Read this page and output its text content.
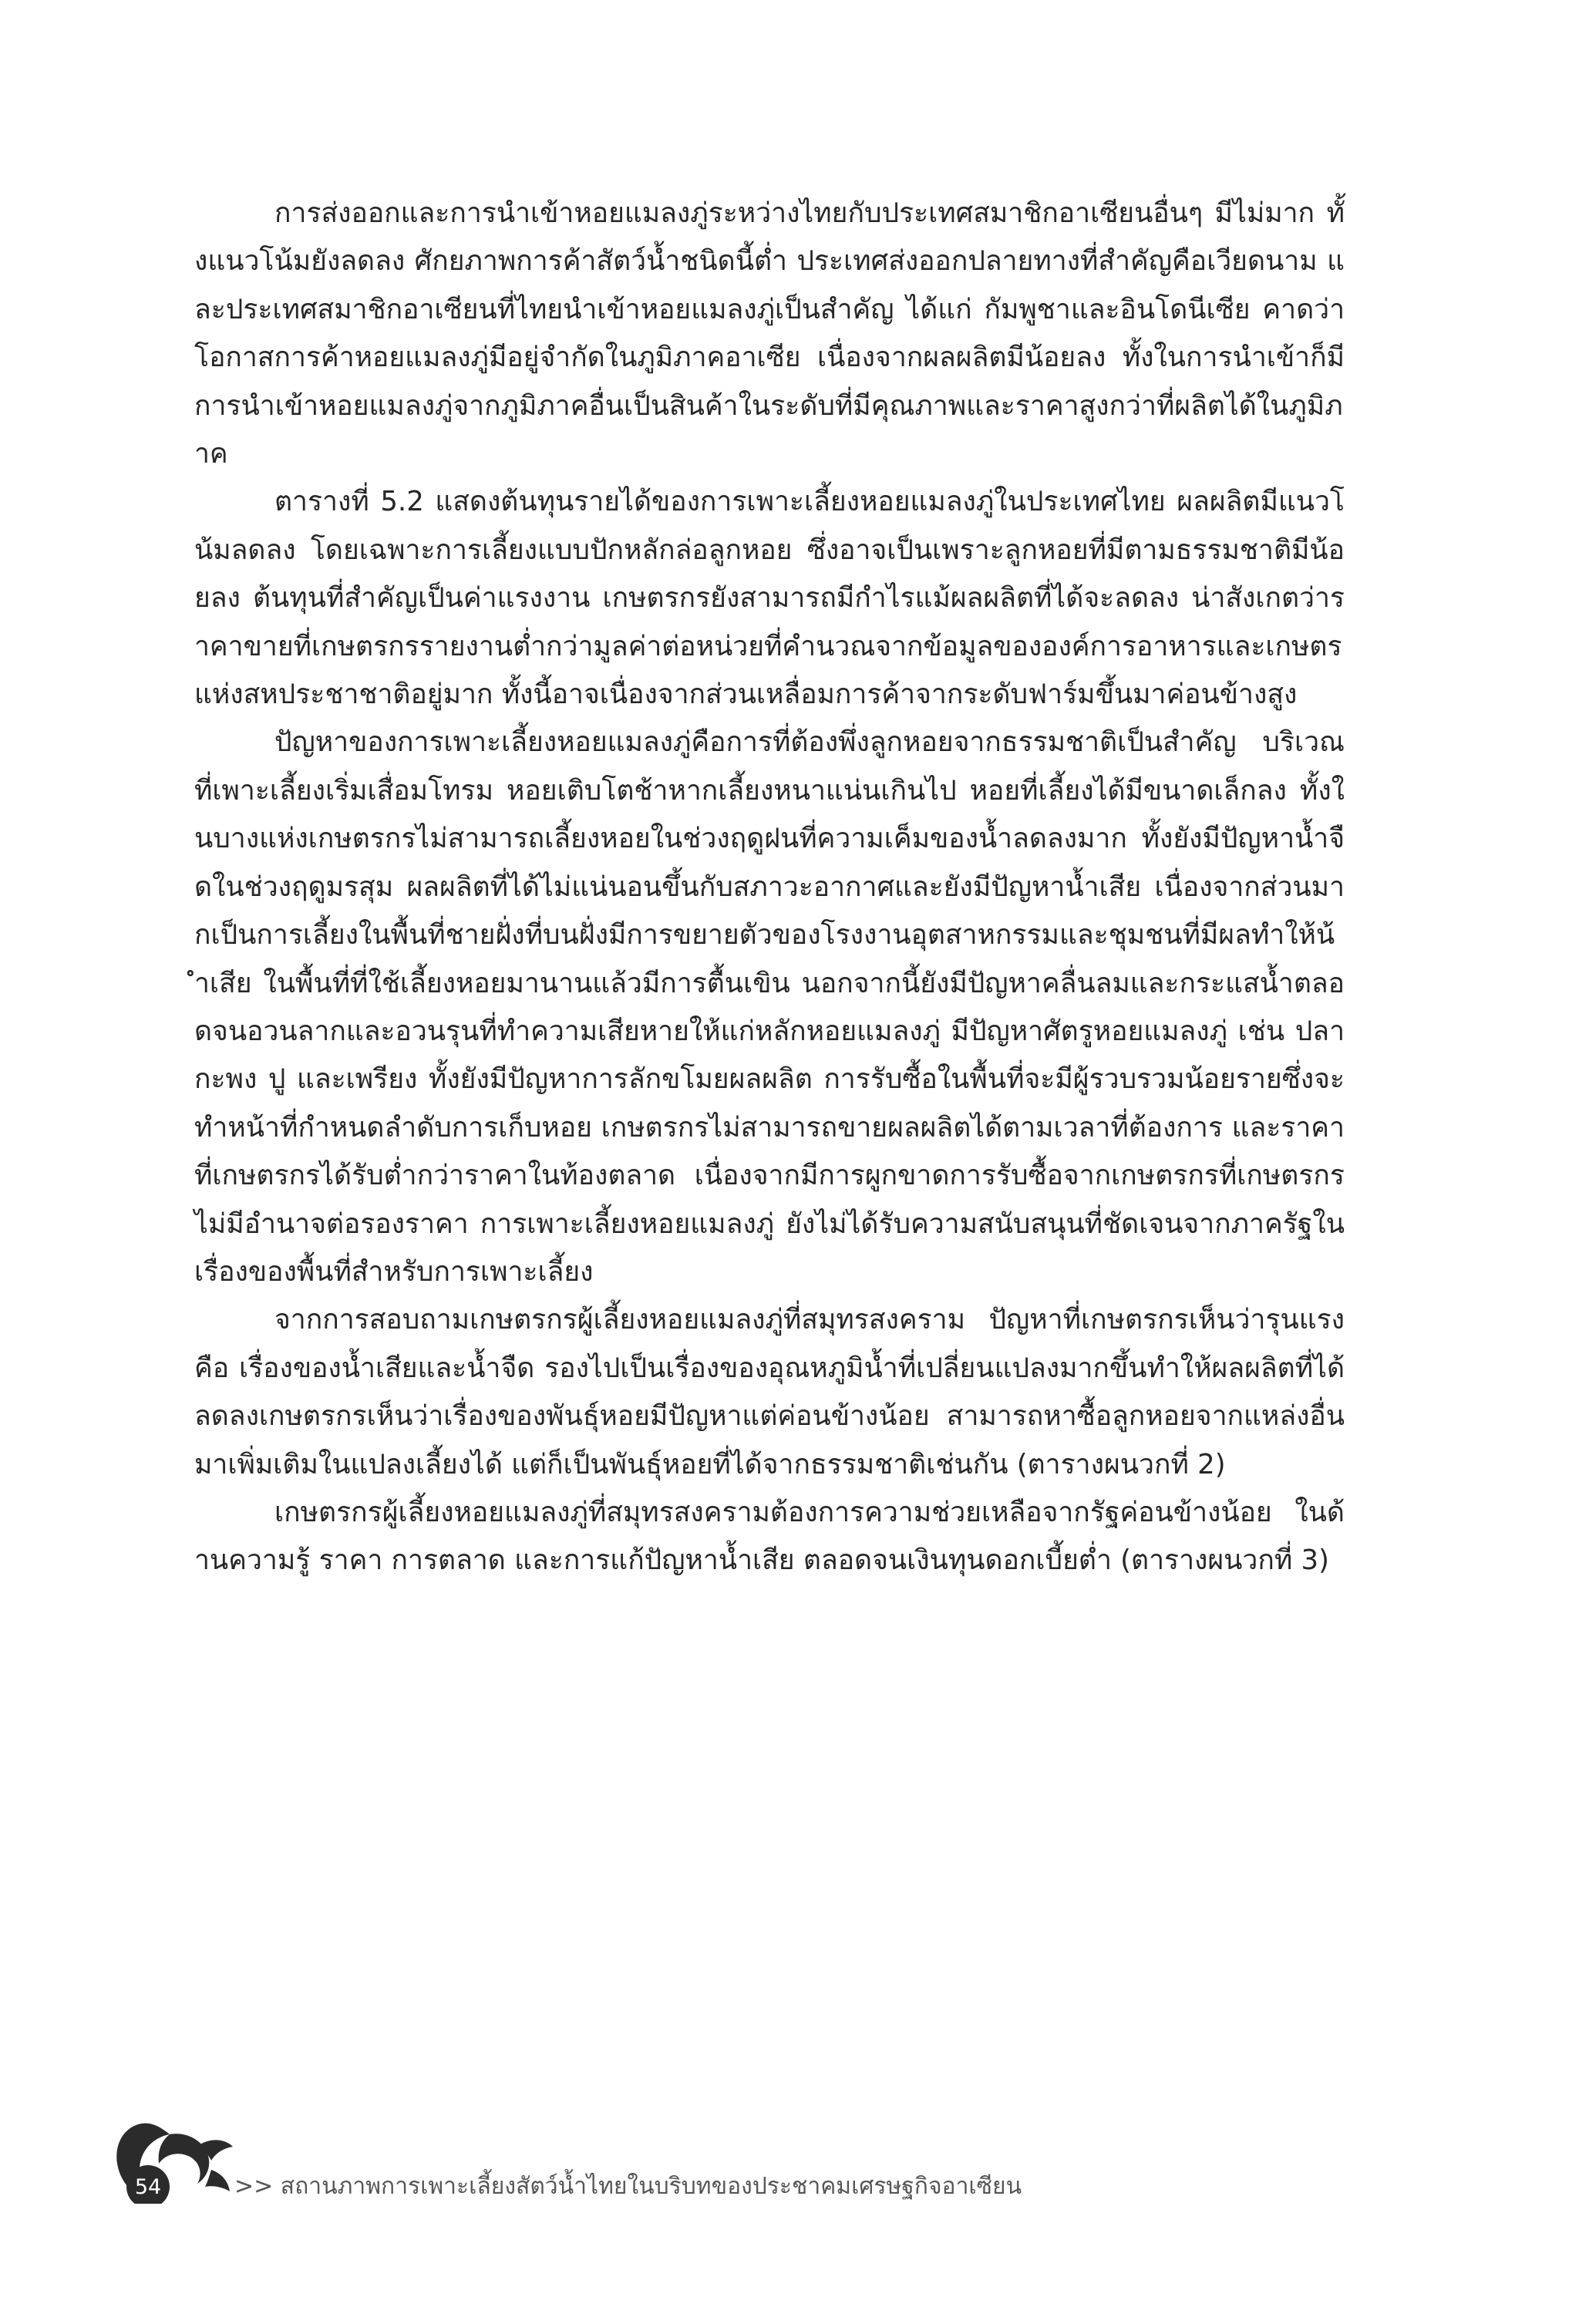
การส่งออกและการนำเข้าหอยแมลงภู่ระหว่างไทยกับประเทศสมาชิกอาเซียนอื่นๆ มีไม่มาก ทั้งแนวโน้มยังลดลง ศักยภาพการค้าสัตว์น้ำชนิดนี้ต่ำ ประเทศส่งออกปลายทางที่สำคัญคือเวียดนาม และประเทศสมาชิกอาเซียนที่ไทยนำเข้าหอยแมลงภู่เป็นสำคัญ ได้แก่ กัมพูชาและอินโดนีเซีย คาดว่าโอกาสการค้าหอยแมลงภู่มีอยู่จำกัดในภูมิภาคอาเซีย เนื่องจากผลผลิตมีน้อยลง ทั้งในการนำเข้าก็มีการนำเข้าหอยแมลงภู่จากภูมิภาคอื่นเป็นสินค้าในระดับที่มีคุณภาพและราคาสูงกว่าที่ผลิตได้ในภูมิภาค

ตารางที่ 5.2 แสดงต้นทุนรายได้ของการเพาะเลี้ยงหอยแมลงภู่ในประเทศไทย ผลผลิตมีแนวโน้มลดลง โดยเฉพาะการเลี้ยงแบบปักหลักล่อลูกหอย ซึ่งอาจเป็นเพราะลูกหอยที่มีตามธรรมชาติมีน้อยลง ต้นทุนที่สำคัญเป็นค่าแรงงาน เกษตรกรยังสามารถมีกำไรแม้ผลผลิตที่ได้จะลดลง น่าสังเกตว่าราคาขายที่เกษตรกรรายงานต่ำกว่ามูลค่าต่อหน่วยที่คำนวณจากข้อมูลขององค์การอาหารและเกษตรแห่งสหประชาชาติอยู่มาก ทั้งนี้อาจเนื่องจากส่วนเหลื่อมการค้าจากระดับฟาร์มขึ้นมาค่อนข้างสูง

ปัญหาของการเพาะเลี้ยงหอยแมลงภู่คือการที่ต้องพึ่งลูกหอยจากธรรมชาติเป็นสำคัญ บริเวณที่เพาะเลี้ยงเริ่มเสื่อมโทรม หอยเติบโตช้าหากเลี้ยงหนาแน่นเกินไป หอยที่เลี้ยงได้มีขนาดเล็กลง ทั้งในบางแห่งเกษตรกรไม่สามารถเลี้ยงหอยในช่วงฤดูฝนที่ความเค็มของน้ำลดลงมาก ทั้งยังมีปัญหาน้ำจืดในช่วงฤดูมรสุม ผลผลิตที่ได้ไม่แน่นอนขึ้นกับสภาวะอากาศและยังมีปัญหาน้ำเสีย เนื่องจากส่วนมากเป็นการเลี้ยงในพื้นที่ชายฝั่งที่บนฝั่งมีการขยายตัวของโรงงานอุตสาหกรรมและชุมชนที่มีผลทำให้น้ำเสีย ในพื้นที่ที่ใช้เลี้ยงหอยมานานแล้วมีการตื้นเขิน นอกจากนี้ยังมีปัญหาคลื่นลมและกระแสน้ำตลอดจนอวนลากและอวนรุนที่ทำความเสียหายให้แก่หลักหอยแมลงภู่ มีปัญหาศัตรูหอยแมลงภู่ เช่น ปลากะพง ปู และเพรียง ทั้งยังมีปัญหาการลักขโมยผลผลิต การรับซื้อในพื้นที่จะมีผู้รวบรวมน้อยรายซึ่งจะทำหน้าที่กำหนดลำดับการเก็บหอย เกษตรกรไม่สามารถขายผลผลิตได้ตามเวลาที่ต้องการ และราคาที่เกษตรกรได้รับต่ำกว่าราคาในท้องตลาด เนื่องจากมีการผูกขาดการรับซื้อจากเกษตรกรที่เกษตรกรไม่มีอำนาจต่อรองราคา การเพาะเลี้ยงหอยแมลงภู่ ยังไม่ได้รับความสนับสนุนที่ชัดเจนจากภาครัฐในเรื่องของพื้นที่สำหรับการเพาะเลี้ยง

จากการสอบถามเกษตรกรผู้เลี้ยงหอยแมลงภู่ที่สมุทรสงคราม ปัญหาที่เกษตรกรเห็นว่ารุนแรงคือ เรื่องของน้ำเสียและน้ำจืด รองไปเป็นเรื่องของอุณหภูมิน้ำที่เปลี่ยนแปลงมากขึ้นทำให้ผลผลิตที่ได้ลดลงเกษตรกรเห็นว่าเรื่องของพันธุ์หอยมีปัญหาแต่ค่อนข้างน้อย สามารถหาซื้อลูกหอยจากแหล่งอื่นมาเพิ่มเติมในแปลงเลี้ยงได้ แต่ก็เป็นพันธุ์หอยที่ได้จากธรรมชาติเช่นกัน (ตารางผนวกที่ 2)

เกษตรกรผู้เลี้ยงหอยแมลงภู่ที่สมุทรสงครามต้องการความช่วยเหลือจากรัฐค่อนข้างน้อย ในด้านความรู้ ราคา การตลาด และการแก้ปัญหาน้ำเสีย ตลอดจนเงินทุนดอกเบี้ยต่ำ (ตารางผนวกที่ 3)

54	>> สถานภาพการเพาะเลี้ยงสัตว์น้ำไทยในบริบทของประชาคมเศรษฐกิจอาเซียน
